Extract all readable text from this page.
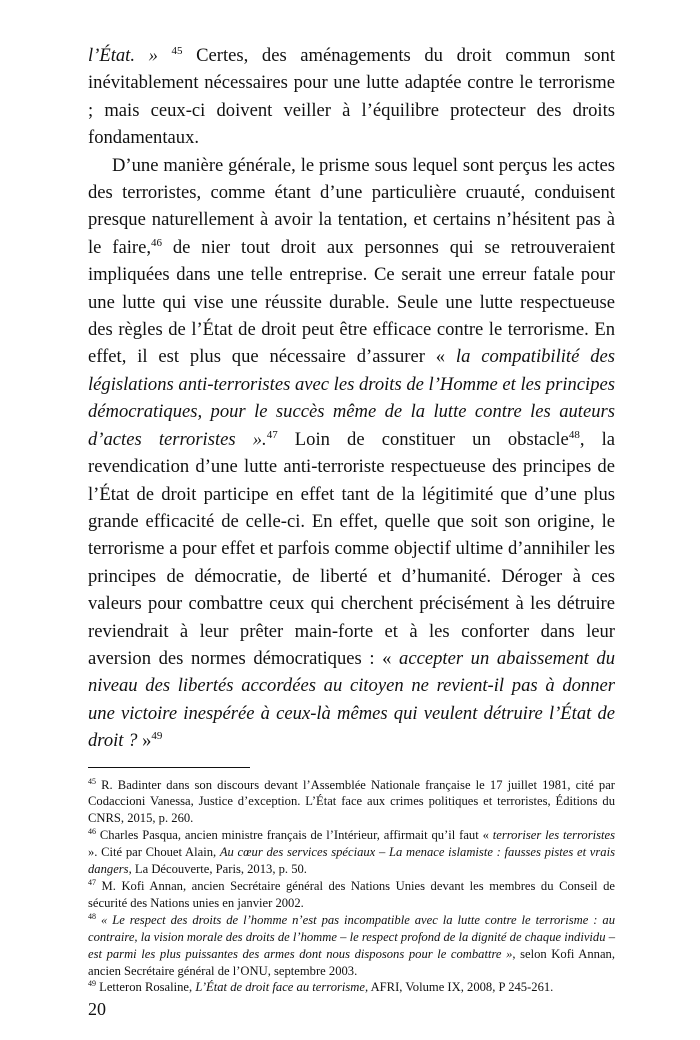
l’État. » $^{45}$ Certes, des aménagements du droit commun sont inévitablement nécessaires pour une lutte adaptée contre le terrorisme ; mais ceux-ci doivent veiller à l’équilibre protecteur des droits fondamentaux.

D’une manière générale, le prisme sous lequel sont perçus les actes des terroristes, comme étant d’une particulière cruauté, conduisent presque naturellement à avoir la tentation, et certains n’hésitent pas à le faire,$^{46}$ de nier tout droit aux personnes qui se retrouveraient impliquées dans une telle entreprise. Ce serait une erreur fatale pour une lutte qui vise une réussite durable. Seule une lutte respectueuse des règles de l’État de droit peut être efficace contre le terrorisme. En effet, il est plus que nécessaire d’assurer « la compatibilité des législations anti-terroristes avec les droits de l’Homme et les principes démocratiques, pour le succès même de la lutte contre les auteurs d’actes terroristes ».$^{47}$ Loin de constituer un obstacle$^{48}$, la revendication d’une lutte anti-terroriste respectueuse des principes de l’État de droit participe en effet tant de la légitimité que d’une plus grande efficacité de celle-ci. En effet, quelle que soit son origine, le terrorisme a pour effet et parfois comme objectif ultime d’annihiler les principes de démocratie, de liberté et d’humanité. Déroger à ces valeurs pour combattre ceux qui cherchent précisément à les détruire reviendrait à leur prêter main-forte et à les conforter dans leur aversion des normes démocratiques : « accepter un abaissement du niveau des libertés accordées au citoyen ne revient-il pas à donner une victoire inespérée à ceux-là mêmes qui veulent détruire l’État de droit ? »$^{49}$

$^{45}$ R. Badinter dans son discours devant l’Assemblée Nationale française le 17 juillet 1981, cité par Codaccioni Vanessa, Justice d’exception. L’État face aux crimes politiques et terroristes, Éditions du CNRS, 2015, p. 260.

$^{46}$ Charles Pasqua, ancien ministre français de l’Intérieur, affirmait qu’il faut « terroriser les terroristes ». Cité par Chouet Alain, Au cœur des services spéciaux – La menace islamiste : fausses pistes et vrais dangers, La Découverte, Paris, 2013, p. 50.

$^{47}$ M. Kofi Annan, ancien Secrétaire général des Nations Unies devant les membres du Conseil de sécurité des Nations unies en janvier 2002.

$^{48}$ « Le respect des droits de l’homme n’est pas incompatible avec la lutte contre le terrorisme : au contraire, la vision morale des droits de l’homme – le respect profond de la dignité de chaque individu – est parmi les plus puissantes des armes dont nous disposons pour le combattre », selon Kofi Annan, ancien Secrétaire général de l’ONU, septembre 2003.

$^{49}$ Letteron Rosaline, L’État de droit face au terrorisme, AFRI, Volume IX, 2008, P 245-261.

20
